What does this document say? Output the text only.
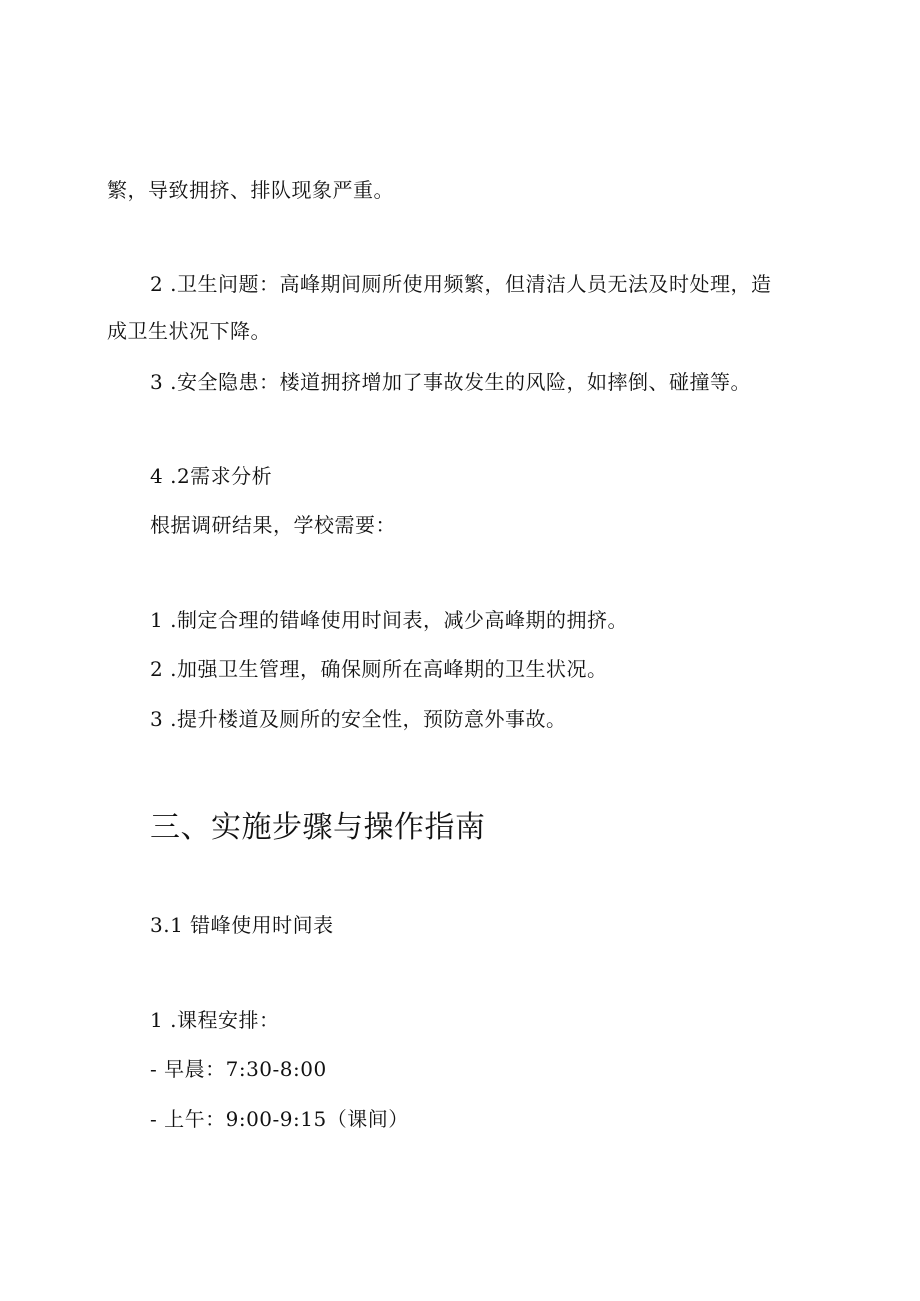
繁，导致拥挤、排队现象严重。
2 .卫生问题：高峰期间厕所使用频繁，但清洁人员无法及时处理，造
成卫生状况下降。
3 .安全隐患：楼道拥挤增加了事故发生的风险，如摔倒、碰撞等。
4 .2需求分析
根据调研结果，学校需要：
1 .制定合理的错峰使用时间表，减少高峰期的拥挤。
2 .加强卫生管理，确保厕所在高峰期的卫生状况。
3 .提升楼道及厕所的安全性，预防意外事故。
三、实施步骤与操作指南
3.1 错峰使用时间表
1 .课程安排：
- 早晨：7:30-8:00
- 上午：9:00-9:15（课间）
